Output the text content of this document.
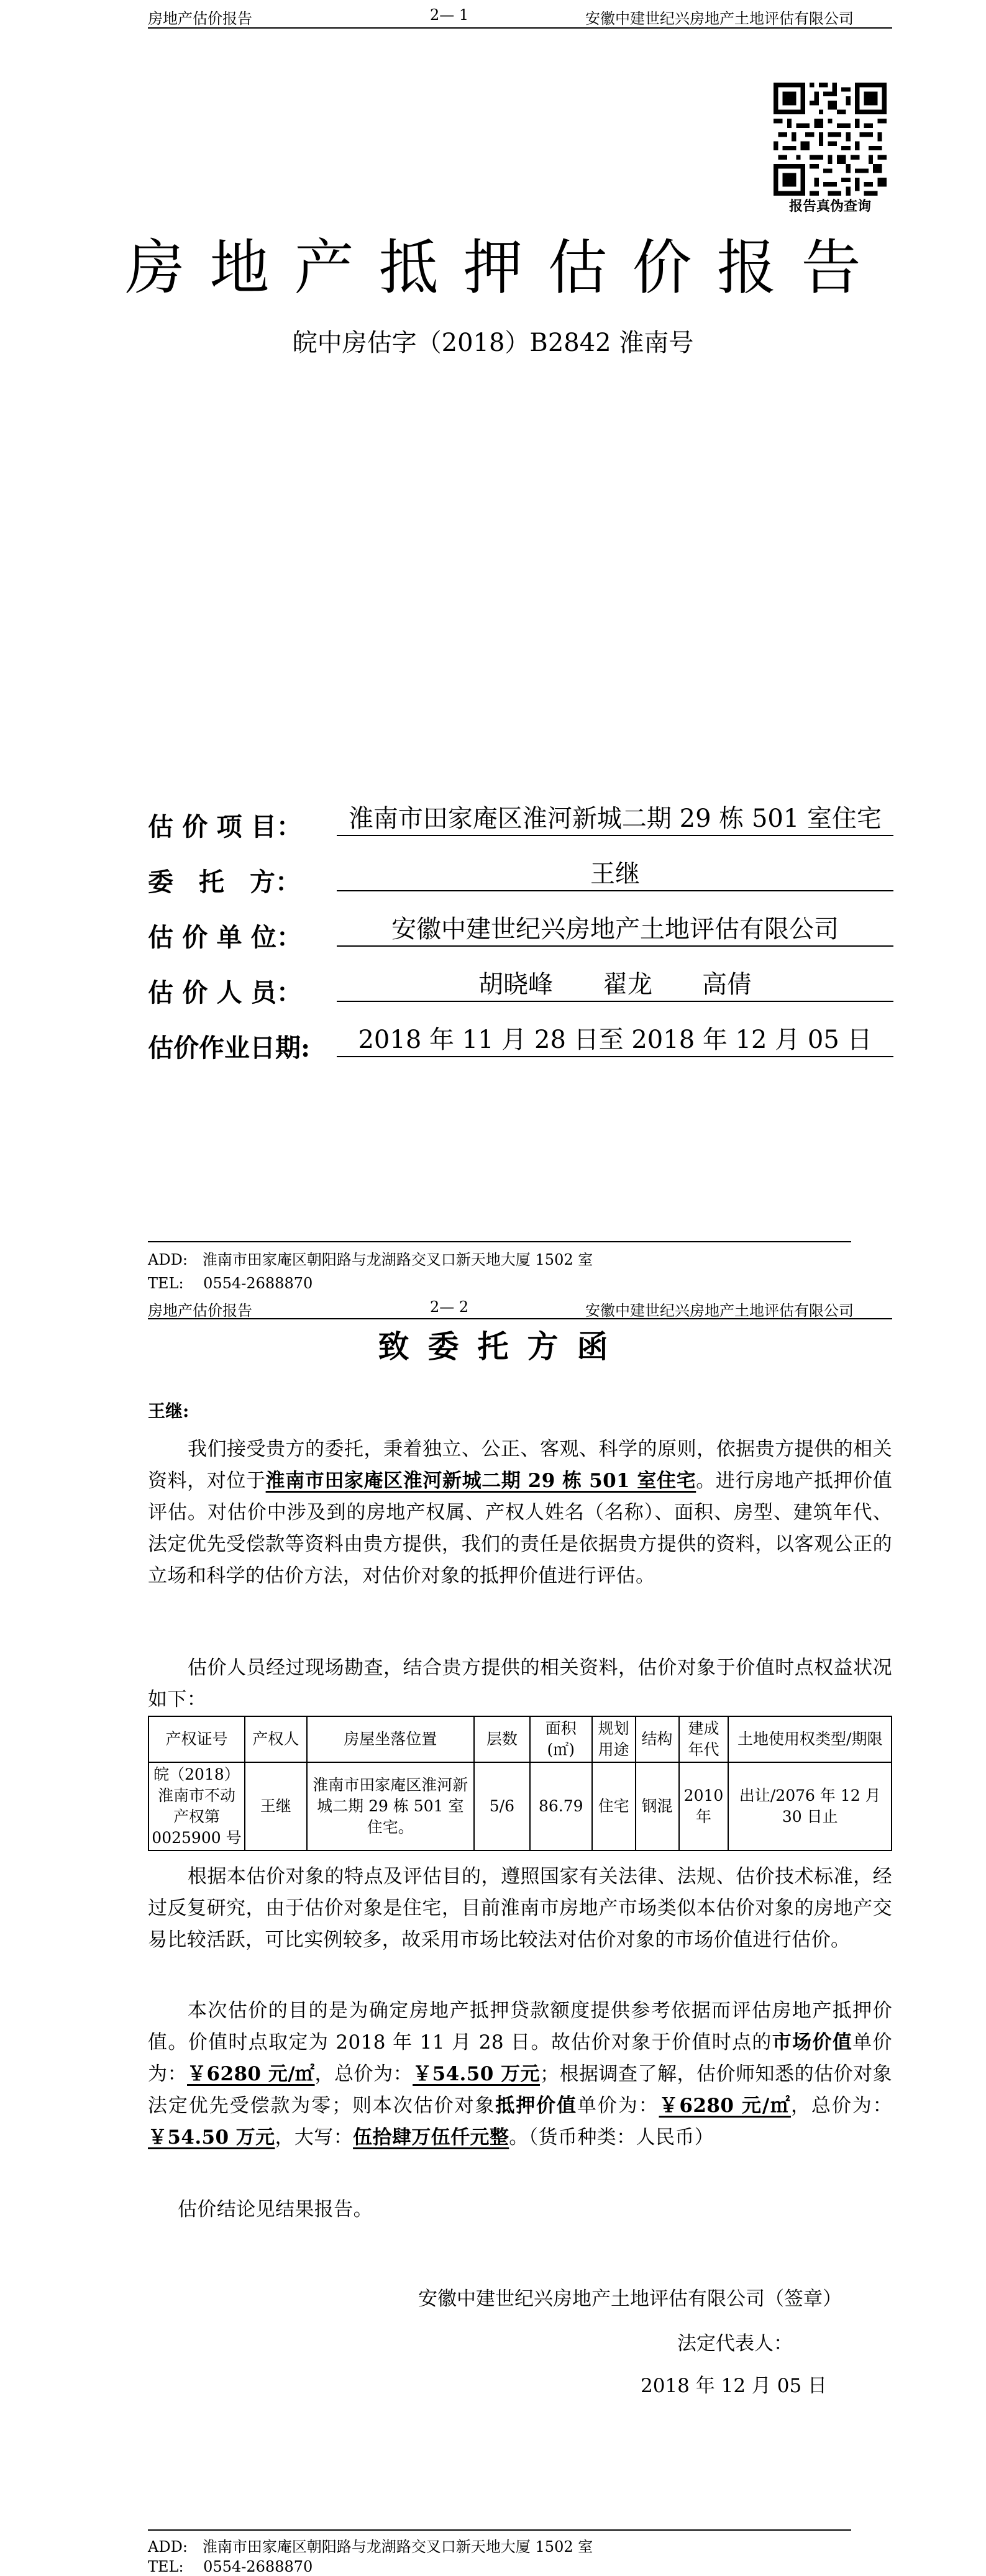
房地产估价报告	2— 1	安徽中建世纪兴房地产土地评估有限公司
报告真伪查询
房地产抵押估价报告
皖中房估字（2018）B2842 淮南号
估 价 项 目：	淮南市田家庵区淮河新城二期 29 栋 501 室住宅
委　托　方：	王继
估 价 单 位：	安徽中建世纪兴房地产土地评估有限公司
估 价 人 员：	胡晓峰　　翟龙　　高倩
估价作业日期:	2018 年 11 月 28 日至 2018 年 12 月 05 日
ADD:　淮南市田家庵区朝阳路与龙湖路交叉口新天地大厦 1502 室
TEL:　 0554-2688870
房地产估价报告	2— 2	安徽中建世纪兴房地产土地评估有限公司
致委托方函
王继:

我们接受贵方的委托，秉着独立、公正、客观、科学的原则，依据贵方提供的相关资料，对位于淮南市田家庵区淮河新城二期 29 栋 501 室住宅。进行房地产抵押价值评估。对估价中涉及到的房地产权属、产权人姓名（名称）、面积、房型、建筑年代、法定优先受偿款等资料由贵方提供，我们的责任是依据贵方提供的资料，以客观公正的立场和科学的估价方法，对估价对象的抵押价值进行评估。

估价人员经过现场勘查，结合贵方提供的相关资料，估价对象于价值时点权益状况如下：

产权证号	产权人	房屋坐落位置	层数	面积(㎡)	规划用途	结构	建成年代	土地使用权类型/期限
皖（2018）淮南市不动产权第 0025900 号	王继	淮南市田家庵区淮河新城二期 29 栋 501 室住宅。	5/6	86.79	住宅	钢混	2010 年	出让/2076 年 12 月 30 日止

根据本估价对象的特点及评估目的，遵照国家有关法律、法规、估价技术标准，经过反复研究，由于估价对象是住宅，目前淮南市房地产市场类似本估价对象的房地产交易比较活跃，可比实例较多，故采用市场比较法对估价对象的市场价值进行估价。

本次估价的目的是为确定房地产抵押贷款额度提供参考依据而评估房地产抵押价值。价值时点取定为 2018 年 11 月 28 日。故估价对象于价值时点的市场价值单价为：￥6280 元/㎡，总价为：￥54.50 万元；根据调查了解，估价师知悉的估价对象法定优先受偿款为零；则本次估价对象抵押价值单价为：￥6280 元/㎡，总价为：￥54.50 万元，大写：伍拾肆万伍仟元整。（货币种类：人民币）

估价结论见结果报告。

安徽中建世纪兴房地产土地评估有限公司（签章）
法定代表人：
2018 年 12 月 05 日
ADD:　淮南市田家庵区朝阳路与龙湖路交叉口新天地大厦 1502 室
TEL:　 0554-2688870
